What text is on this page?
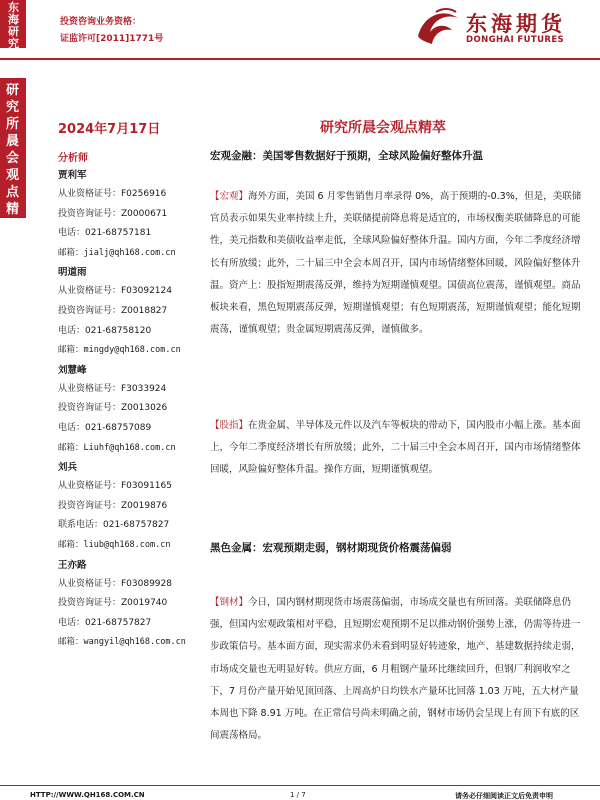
东海研究
研究所晨会观点精萃
投资咨询业务资格：
证监许可[2011]1771号
东海期货
DONGHAI FUTURES
2024年7月17日
分析师
贾利军
从业资格证号：F0256916
投资咨询证号：Z0000671
电话：021-68757181
邮箱：jialj@qh168.com.cn
明道雨
从业资格证号：F03092124
投资咨询证号：Z0018827
电话：021-68758120
邮箱：mingdy@qh168.com.cn
刘慧峰
从业资格证号：F3033924
投资咨询证号：Z0013026
电话：021-68757089
邮箱：Liuhf@qh168.com.cn
刘兵
从业资格证号：F03091165
投资咨询证号：Z0019876
联系电话：021-68757827
邮箱：liub@qh168.com.cn
王亦路
从业资格证号：F03089928
投资咨询证号：Z0019740
电话：021-68757827
邮箱：wangyil@qh168.com.cn
研究所晨会观点精萃
宏观金融：美国零售数据好于预期，全球风险偏好整体升温
【宏观】海外方面，美国 6 月零售销售月率录得 0%，高于预期的-0.3%，但是，美联储官员表示如果失业率持续上升，美联储提前降息将是适宜的，市场权衡美联储降息的可能性，美元指数和美债收益率走低，全球风险偏好整体升温。国内方面，今年二季度经济增长有所放缓；此外，二十届三中全会本周召开，国内市场情绪整体回暖，风险偏好整体升温。资产上：股指短期震荡反弹，维持为短期谨慎观望。国债高位震荡，谨慎观望。商品板块来看，黑色短期震荡反弹，短期谨慎观望；有色短期震荡，短期谨慎观望；能化短期震荡，谨慎观望；贵金属短期震荡反弹，谨慎做多。
【股指】在贵金属、半导体及元件以及汽车等板块的带动下，国内股市小幅上涨。基本面上，今年二季度经济增长有所放缓；此外，二十届三中全会本周召开，国内市场情绪整体回暖，风险偏好整体升温。操作方面，短期谨慎观望。
黑色金属：宏观预期走弱，钢材期现货价格震荡偏弱
【钢材】今日，国内钢材期现货市场震荡偏弱，市场成交量也有所回落。美联储降息仍强，但国内宏观政策相对平稳，且短期宏观预期不足以推动钢价强势上涨，仍需等待进一步政策信号。基本面方面，现实需求仍未看到明显好转迹象，地产、基建数据持续走弱，市场成交量也无明显好转。供应方面，6 月粗钢产量环比继续回升，但钢厂利润收窄之下，7 月份产量开始见顶回落、上周高炉日均铁水产量环比回落 1.03 万吨，五大材产量本周也下降 8.91 万吨。在正常信号尚未明确之前，钢材市场仍会呈现上有顶下有底的区间震荡格局。
HTTP://WWW.QH168.COM.CN	1 / 7	请务必仔细阅读正文后免责申明
